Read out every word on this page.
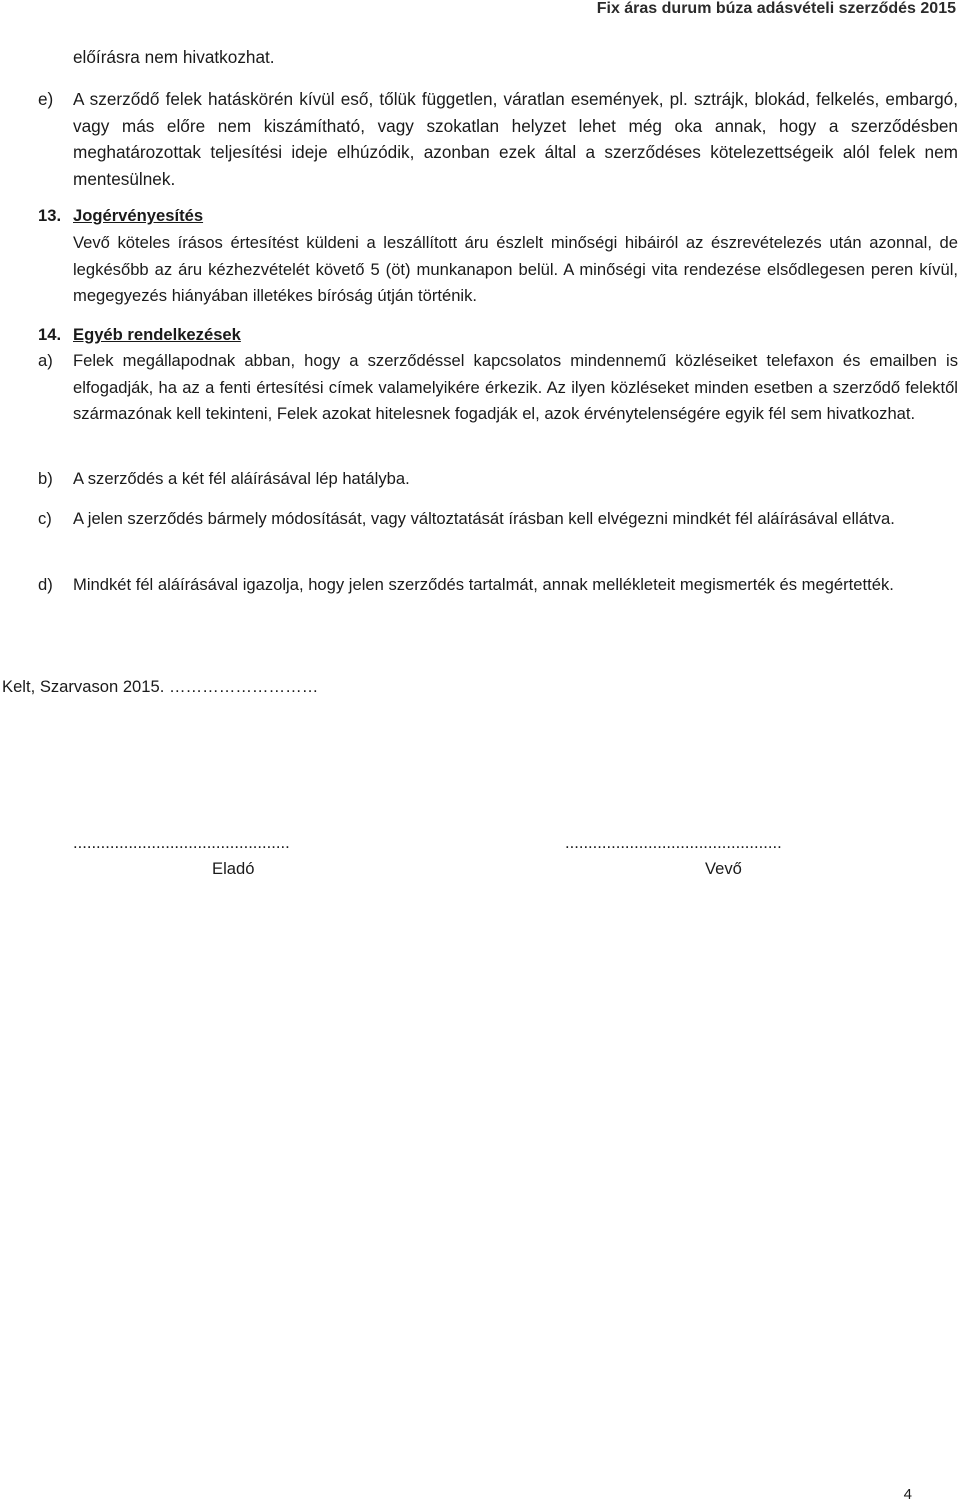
Fix áras durum búza adásvételi szerződés 2015
előírásra nem hivatkozhat.
e) A szerződő felek hatáskörén kívül eső, tőlük független, váratlan események, pl. sztrájk, blokád, felkelés, embargó, vagy más előre nem kiszámítható, vagy szokatlan helyzet lehet még oka annak, hogy a szerződésben meghatározottak teljesítési ideje elhúzódik, azonban ezek által a szerződéses kötelezettségeik alól felek nem mentesülnek.
13. Jogérvényesítés
Vevő köteles írásos értesítést küldeni a leszállított áru észlelt minőségi hibáiról az észrevételezés után azonnal, de legkésőbb az áru kézhezvételét követő 5 (öt) munkanapon belül. A minőségi vita rendezése elsődlegesen peren kívül, megegyezés hiányában illetékes bíróság útján történik.
14. Egyéb rendelkezések
a) Felek megállapodnak abban, hogy a szerződéssel kapcsolatos mindennemű közléseiket telefaxon és emailben is elfogadják, ha az a fenti értesítési címek valamelyikére érkezik. Az ilyen közléseket minden esetben a szerződő felektől származónak kell tekinteni, Felek azokat hitelesnek fogadják el, azok érvénytelenségére egyik fél sem hivatkozhat.
b) A szerződés a két fél aláírásával lép hatályba.
c) A jelen szerződés bármely módosítását, vagy változtatását írásban kell elvégezni mindkét fél aláírásával ellátva.
d) Mindkét fél aláírásával igazolja, hogy jelen szerződés tartalmát, annak mellékleteit megismerték és megértették.
Kelt, Szarvason 2015. ………………………
...............................................
Eladó
...............................................
Vevő
4
